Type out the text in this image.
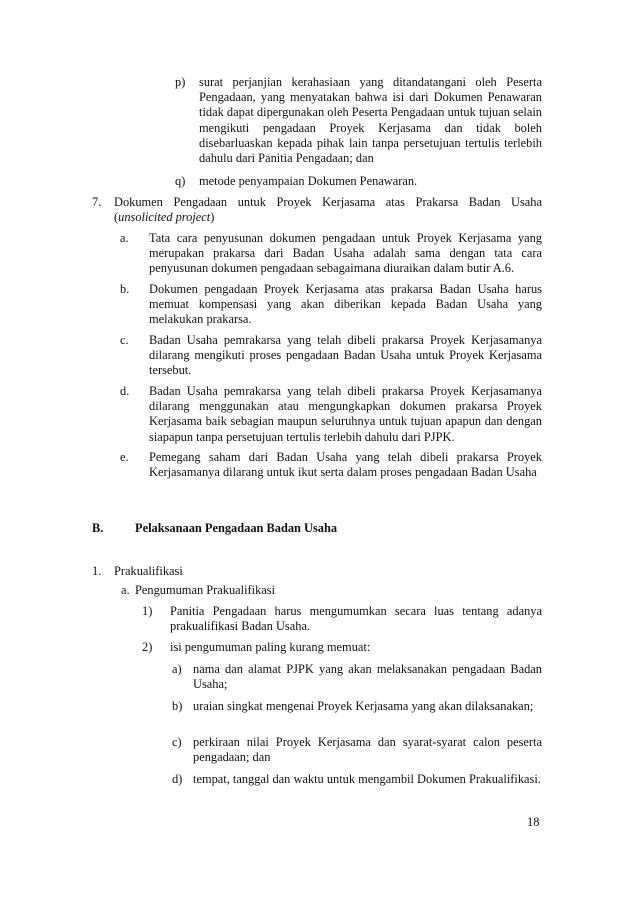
p) surat perjanjian kerahasiaan yang ditandatangani oleh Peserta Pengadaan, yang menyatakan bahwa isi dari Dokumen Penawaran tidak dapat dipergunakan oleh Peserta Pengadaan untuk tujuan selain mengikuti pengadaan Proyek Kerjasama dan tidak boleh disebarluaskan kepada pihak lain tanpa persetujuan tertulis terlebih dahulu dari Panitia Pengadaan; dan
q) metode penyampaian Dokumen Penawaran.
7. Dokumen Pengadaan untuk Proyek Kerjasama atas Prakarsa Badan Usaha
(unsolicited project)
a. Tata cara penyusunan dokumen pengadaan untuk Proyek Kerjasama yang merupakan prakarsa dari Badan Usaha adalah sama dengan tata cara penyusunan dokumen pengadaan sebagaimana diuraikan dalam butir A.6.
b. Dokumen pengadaan Proyek Kerjasama atas prakarsa Badan Usaha harus memuat kompensasi yang akan diberikan kepada Badan Usaha yang melakukan prakarsa.
c. Badan Usaha pemrakarsa yang telah dibeli prakarsa Proyek Kerjasamanya dilarang mengikuti proses pengadaan Badan Usaha untuk Proyek Kerjasama tersebut.
d. Badan Usaha pemrakarsa yang telah dibeli prakarsa Proyek Kerjasamanya dilarang menggunakan atau mengungkapkan dokumen prakarsa Proyek Kerjasama baik sebagian maupun seluruhnya untuk tujuan apapun dan dengan siapapun tanpa persetujuan tertulis terlebih dahulu dari PJPK.
e. Pemegang saham dari Badan Usaha yang telah dibeli prakarsa Proyek Kerjasamanya dilarang untuk ikut serta dalam proses pengadaan Badan Usaha
B.	Pelaksanaan Pengadaan Badan Usaha
1. Prakualifikasi
a. Pengumuman Prakualifikasi
1) Panitia Pengadaan harus mengumumkan secara luas tentang adanya prakualifikasi Badan Usaha.
2) isi pengumuman paling kurang memuat:
a) nama dan alamat PJPK yang akan melaksanakan pengadaan Badan Usaha;
b) uraian singkat mengenai Proyek Kerjasama yang akan dilaksanakan;
c) perkiraan nilai Proyek Kerjasama dan syarat-syarat calon peserta pengadaan; dan
d) tempat, tanggal dan waktu untuk mengambil Dokumen Prakualifikasi.
18
